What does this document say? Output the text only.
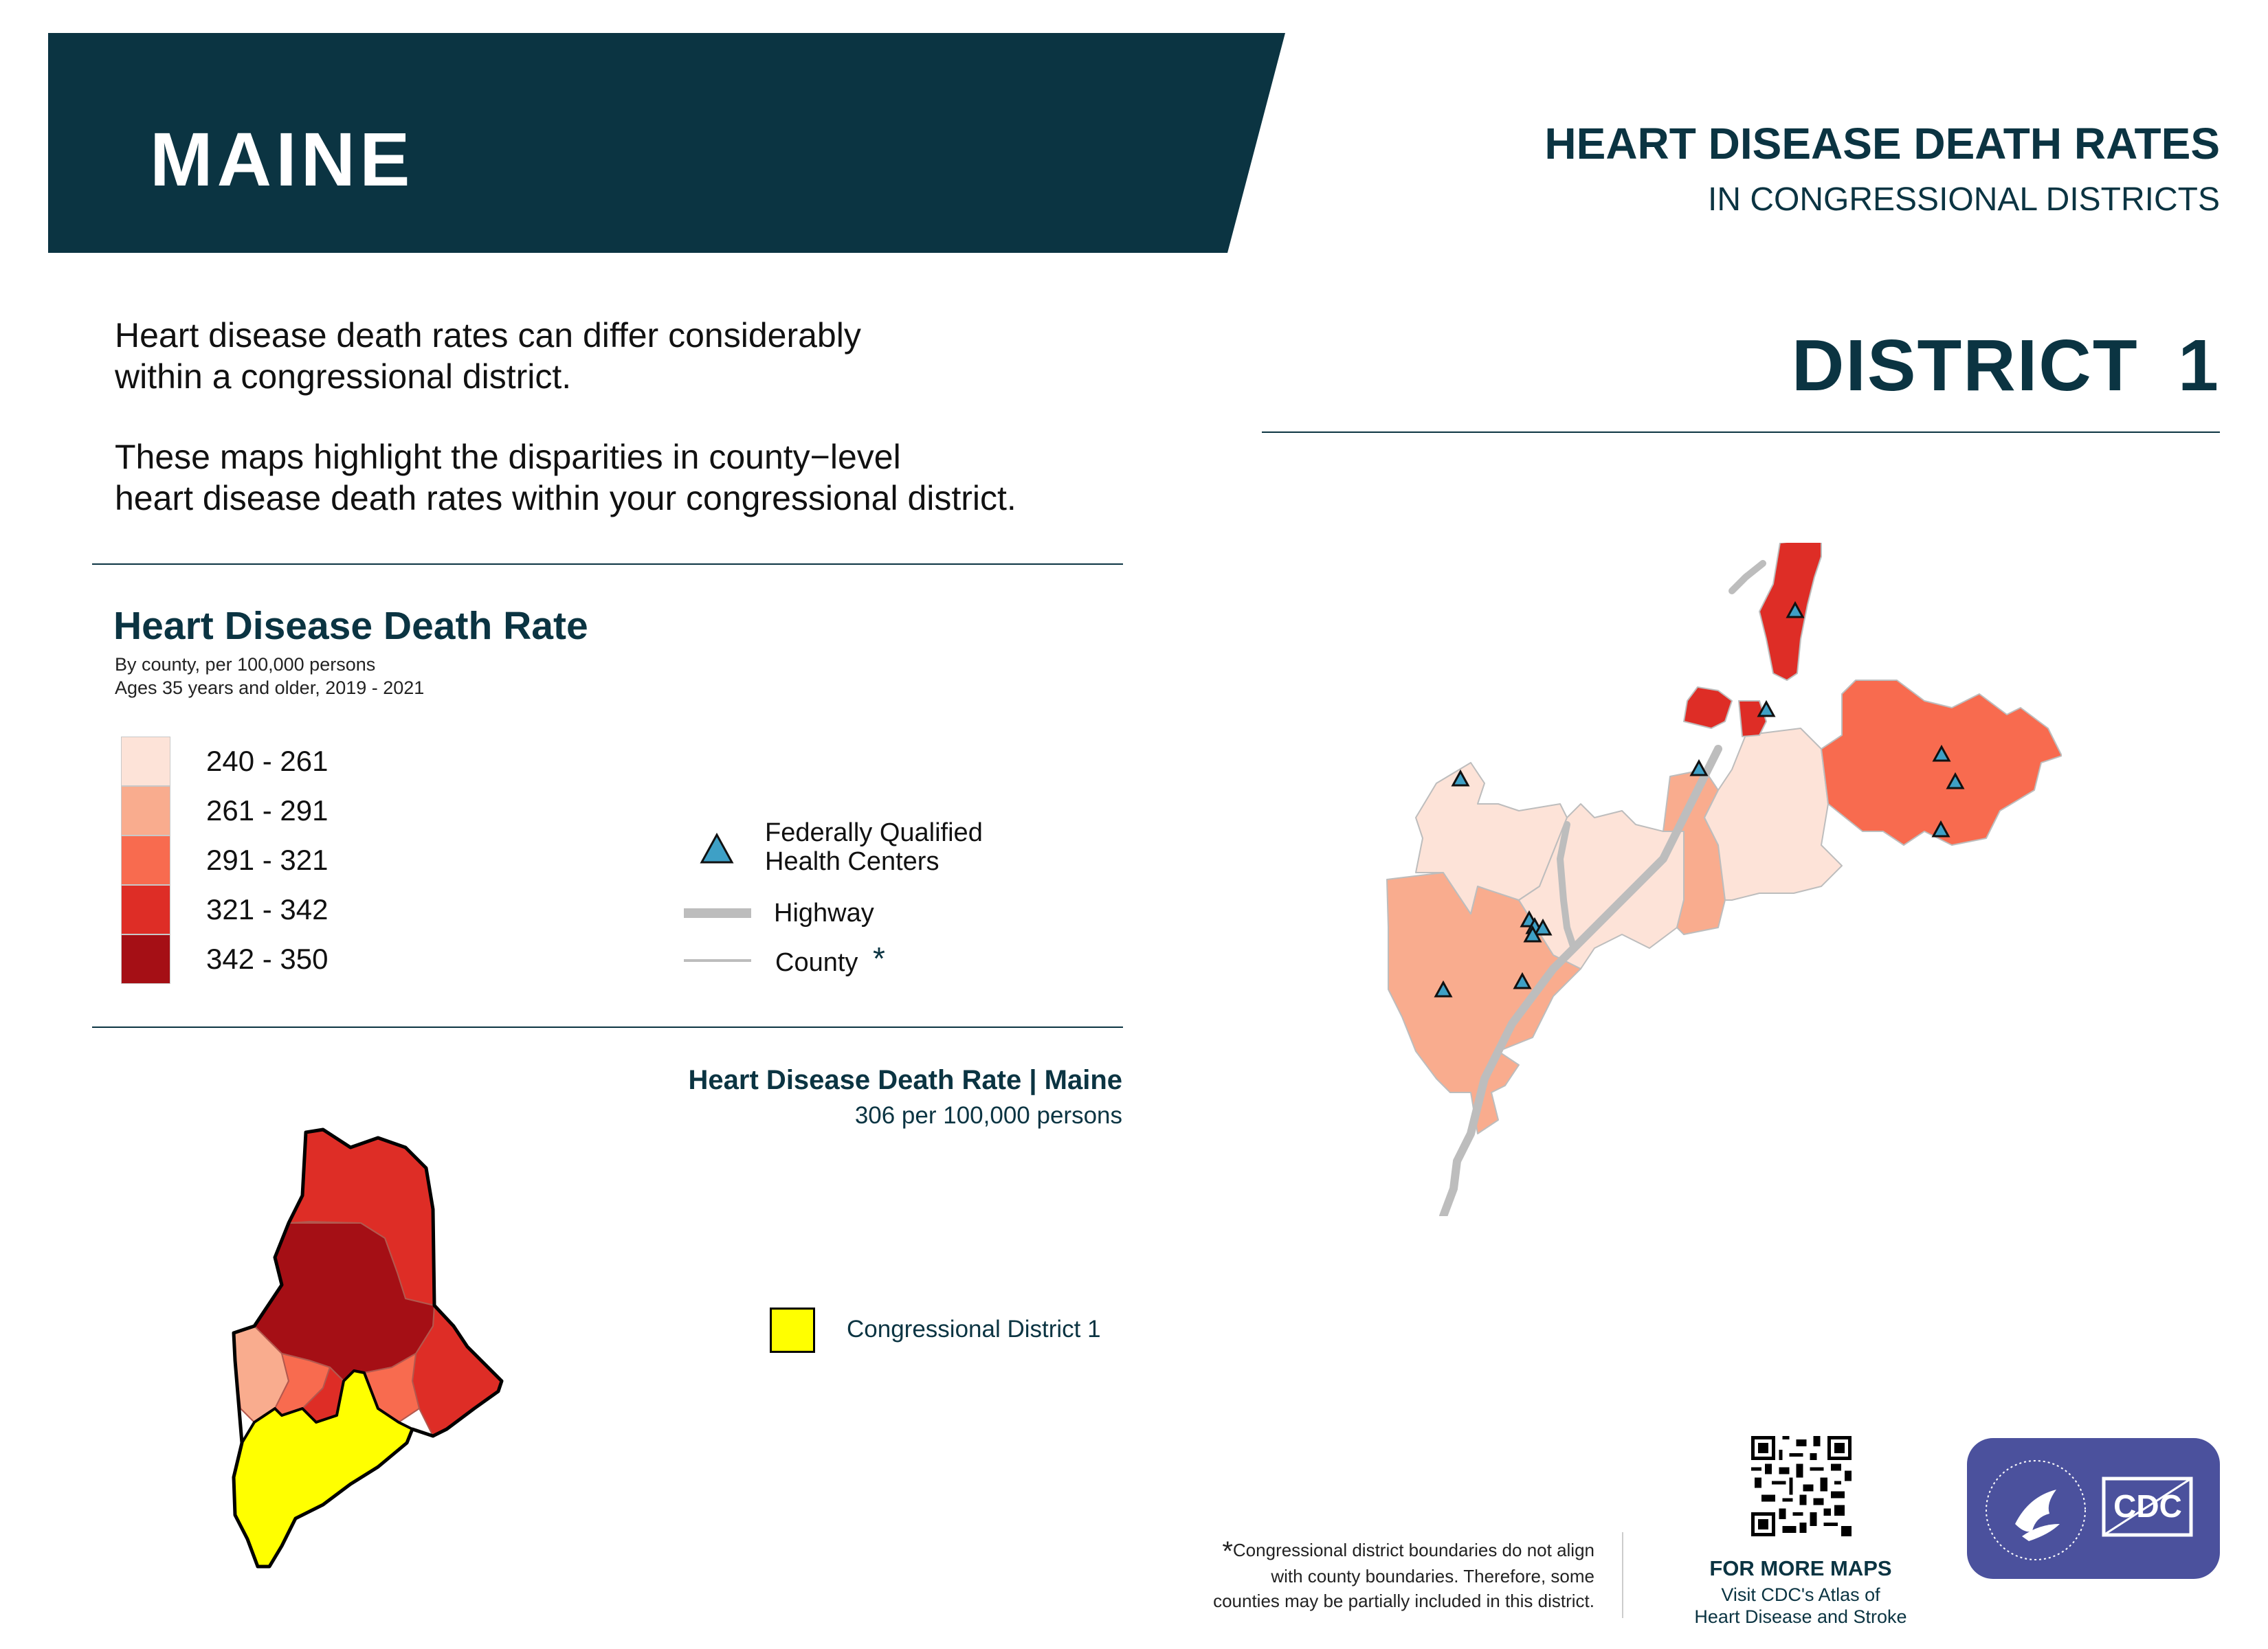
MAINE	HEART DISEASE DEATH RATES
IN CONGRESSIONAL DISTRICTS
DISTRICT 1
Heart disease death rates can differ considerably
within a congressional district.
These maps highlight the disparities in county−level
heart disease death rates within your congressional district.
Heart Disease Death Rate
By county, per 100,000 persons
Ages 35 years and older, 2019 - 2021
240 - 261
261 - 291
291 - 321
321 - 342
342 - 350
Federally Qualified
Health Centers
Highway
County *
Heart Disease Death Rate | Maine
306 per 100,000 persons
Congressional District 1
*Congressional district boundaries do not align
with county boundaries. Therefore, some
counties may be partially included in this district.
FOR MORE MAPS
Visit CDC's Atlas of
Heart Disease and Stroke
CDC
